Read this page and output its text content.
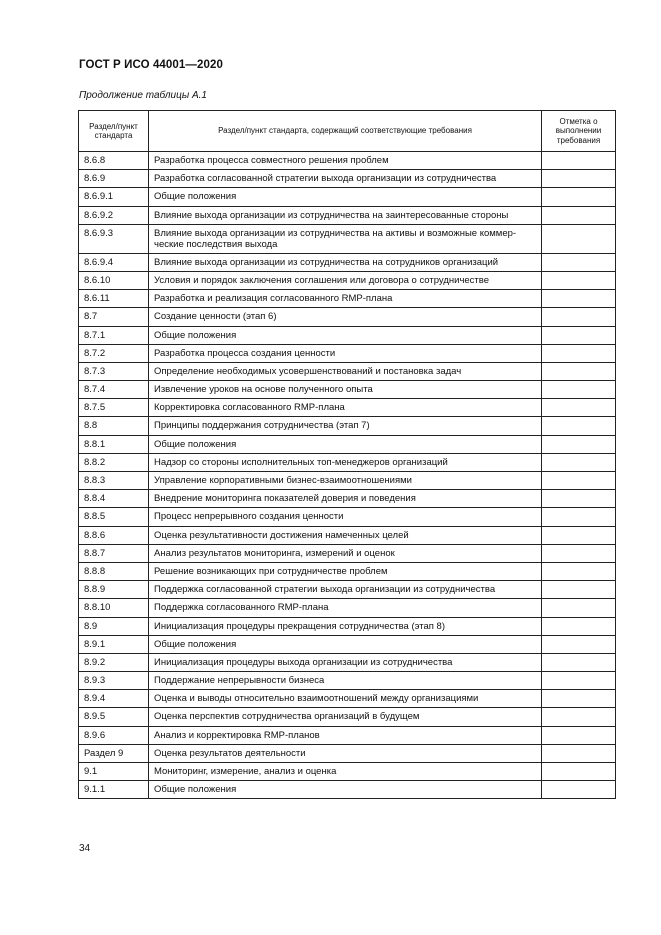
ГОСТ Р ИСО 44001—2020
Продолжение таблицы А.1
Раздел/пункт стандарта	Раздел/пункт стандарта, содержащий соответствующие требования	Отметка о выполнении требования
8.6.8	Разработка процесса совместного решения проблем	
8.6.9	Разработка согласованной стратегии выхода организации из сотрудничества	
8.6.9.1	Общие положения	
8.6.9.2	Влияние выхода организации из сотрудничества на заинтересованные стороны	
8.6.9.3	Влияние выхода организации из сотрудничества на активы и возможные коммер-ческие последствия выхода	
8.6.9.4	Влияние выхода организации из сотрудничества на сотрудников организаций	
8.6.10	Условия и порядок заключения соглашения или договора о сотрудничестве	
8.6.11	Разработка и реализация согласованного RMP-плана	
8.7	Создание ценности (этап 6)	
8.7.1	Общие положения	
8.7.2	Разработка процесса создания ценности	
8.7.3	Определение необходимых усовершенствований и постановка задач	
8.7.4	Извлечение уроков на основе полученного опыта	
8.7.5	Корректировка согласованного RMP-плана	
8.8	Принципы поддержания сотрудничества (этап 7)	
8.8.1	Общие положения	
8.8.2	Надзор со стороны исполнительных топ-менеджеров организаций	
8.8.3	Управление корпоративными бизнес-взаимоотношениями	
8.8.4	Внедрение мониторинга показателей доверия и поведения	
8.8.5	Процесс непрерывного создания ценности	
8.8.6	Оценка результативности достижения намеченных целей	
8.8.7	Анализ результатов мониторинга, измерений и оценок	
8.8.8	Решение возникающих при сотрудничестве проблем	
8.8.9	Поддержка согласованной стратегии выхода организации из сотрудничества	
8.8.10	Поддержка согласованного RMP-плана	
8.9	Инициализация процедуры прекращения сотрудничества (этап 8)	
8.9.1	Общие положения	
8.9.2	Инициализация процедуры выхода организации из сотрудничества	
8.9.3	Поддержание непрерывности бизнеса	
8.9.4	Оценка и выводы относительно взаимоотношений между организациями	
8.9.5	Оценка перспектив сотрудничества организаций в будущем	
8.9.6	Анализ и корректировка RMP-планов	
Раздел 9	Оценка результатов деятельности	
9.1	Мониторинг, измерение, анализ и оценка	
9.1.1	Общие положения	
34
